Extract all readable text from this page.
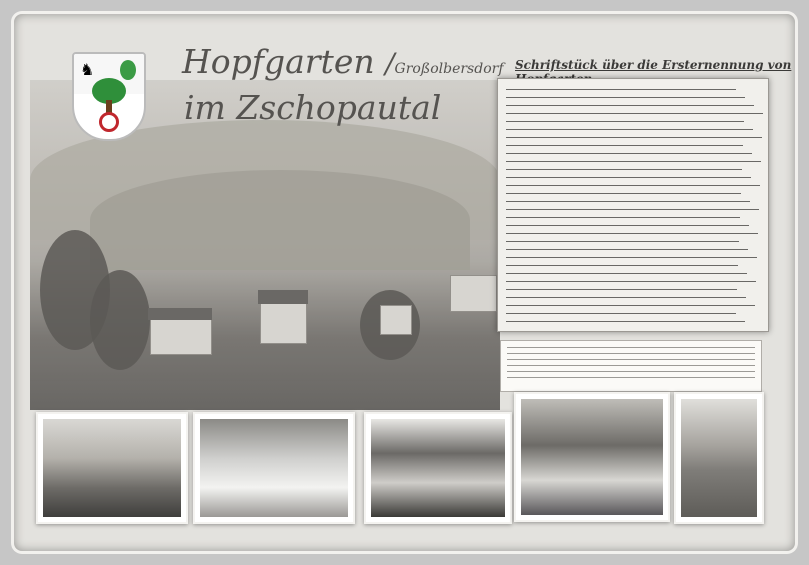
♞	Hopfgarten /Großolbersdorf
im Zschopautal
Schriftstück über die Ersternennung von
